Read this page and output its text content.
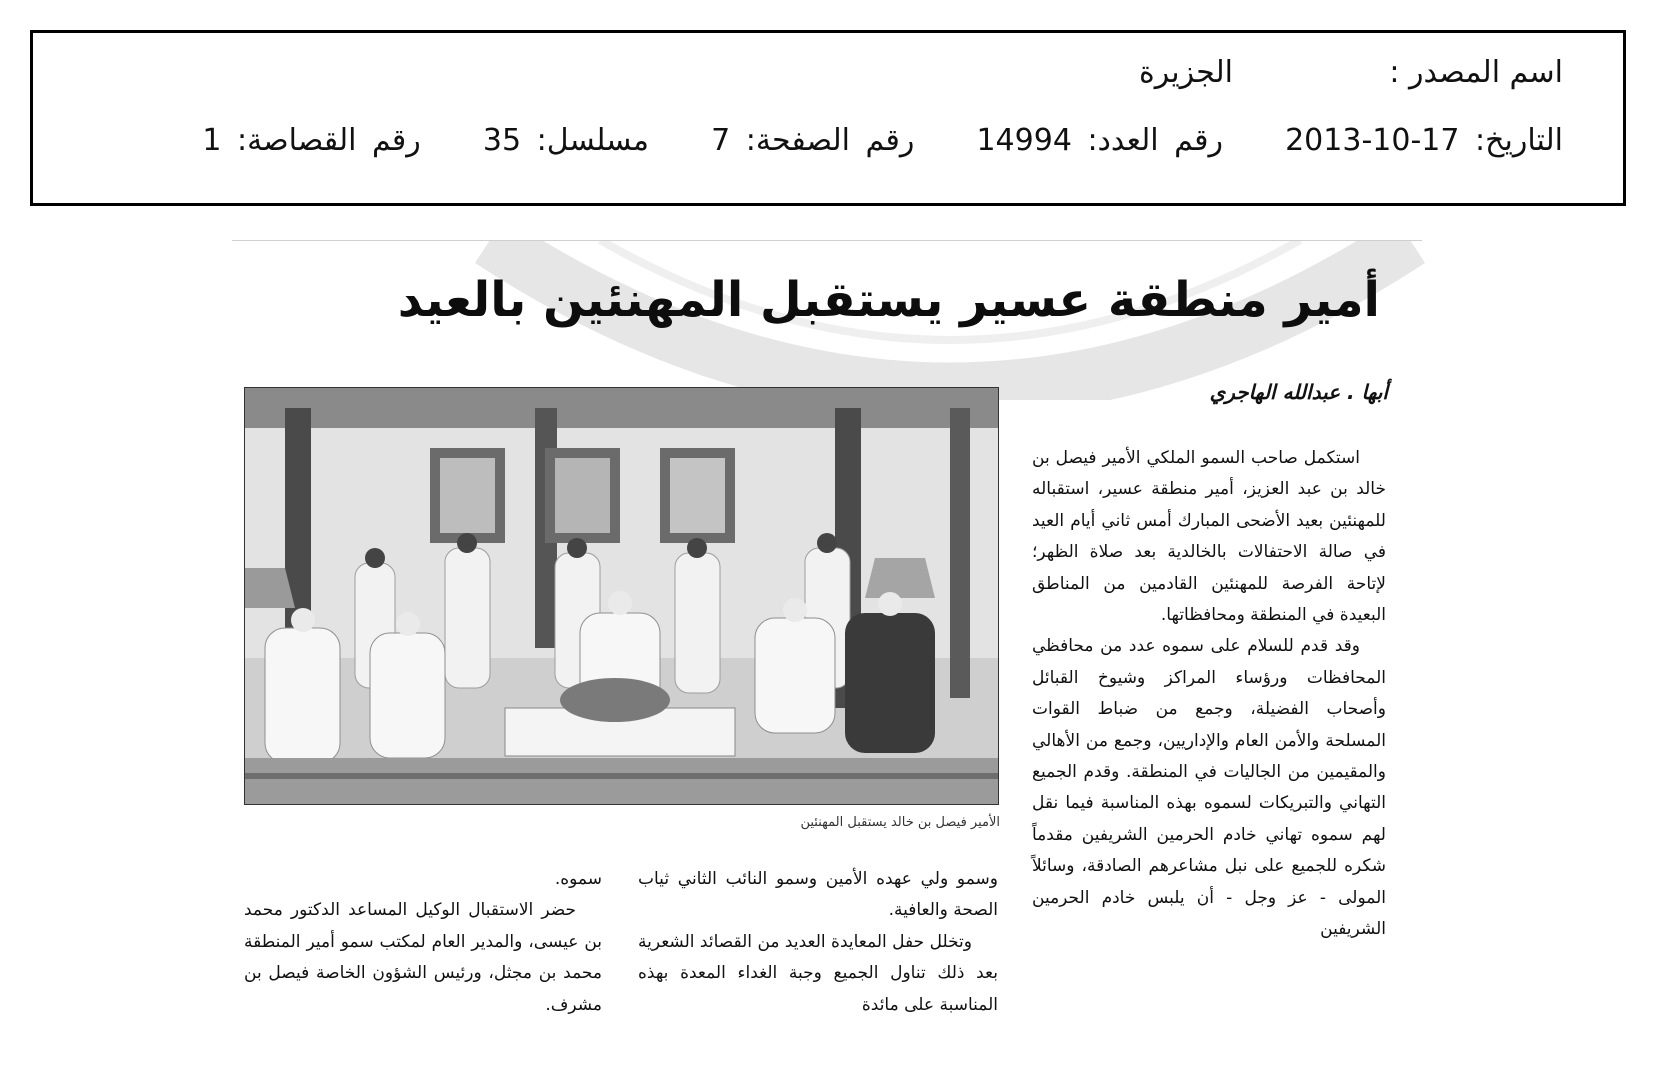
اسم المصدر :
الجزيرة
التاريخ: 17-10-2013    رقم العدد: 14994    رقم الصفحة: 7    مسلسل: 35    رقم القصاصة: 1
أمير منطقة عسير يستقبل المهنئين بالعيد
أبها . عبدالله الهاجري
الأمير فيصل بن خالد يستقبل المهنئين

استكمل صاحب السمو الملكي الأمير فيصل بن خالد بن عبد العزيز، أمير منطقة عسير، استقباله للمهنئين بعيد الأضحى المبارك أمس ثاني أيام العيد في صالة الاحتفالات بالخالدية بعد صلاة الظهر؛ لإتاحة الفرصة للمهنئين القادمين من المناطق البعيدة في المنطقة ومحافظاتها.

وقد قدم للسلام على سموه عدد من محافظي المحافظات ورؤساء المراكز وشيوخ القبائل وأصحاب الفضيلة، وجمع من ضباط القوات المسلحة والأمن العام والإداريين، وجمع من الأهالي والمقيمين من الجاليات في المنطقة. وقدم الجميع التهاني والتبريكات لسموه بهذه المناسبة فيما نقل لهم سموه تهاني خادم الحرمين الشريفين مقدماً شكره للجميع على نبل مشاعرهم الصادقة، وسائلاً المولى - عز وجل - أن يلبس خادم الحرمين الشريفين

وسمو ولي عهده الأمين وسمو النائب الثاني ثياب الصحة والعافية.

وتخلل حفل المعايدة العديد من القصائد الشعرية بعد ذلك تناول الجميع وجبة الغداء المعدة بهذه المناسبة على مائدة

سموه.

حضر الاستقبال الوكيل المساعد الدكتور محمد بن عيسى، والمدير العام لمكتب سمو أمير المنطقة محمد بن مجثل، ورئيس الشؤون الخاصة فيصل بن مشرف.
